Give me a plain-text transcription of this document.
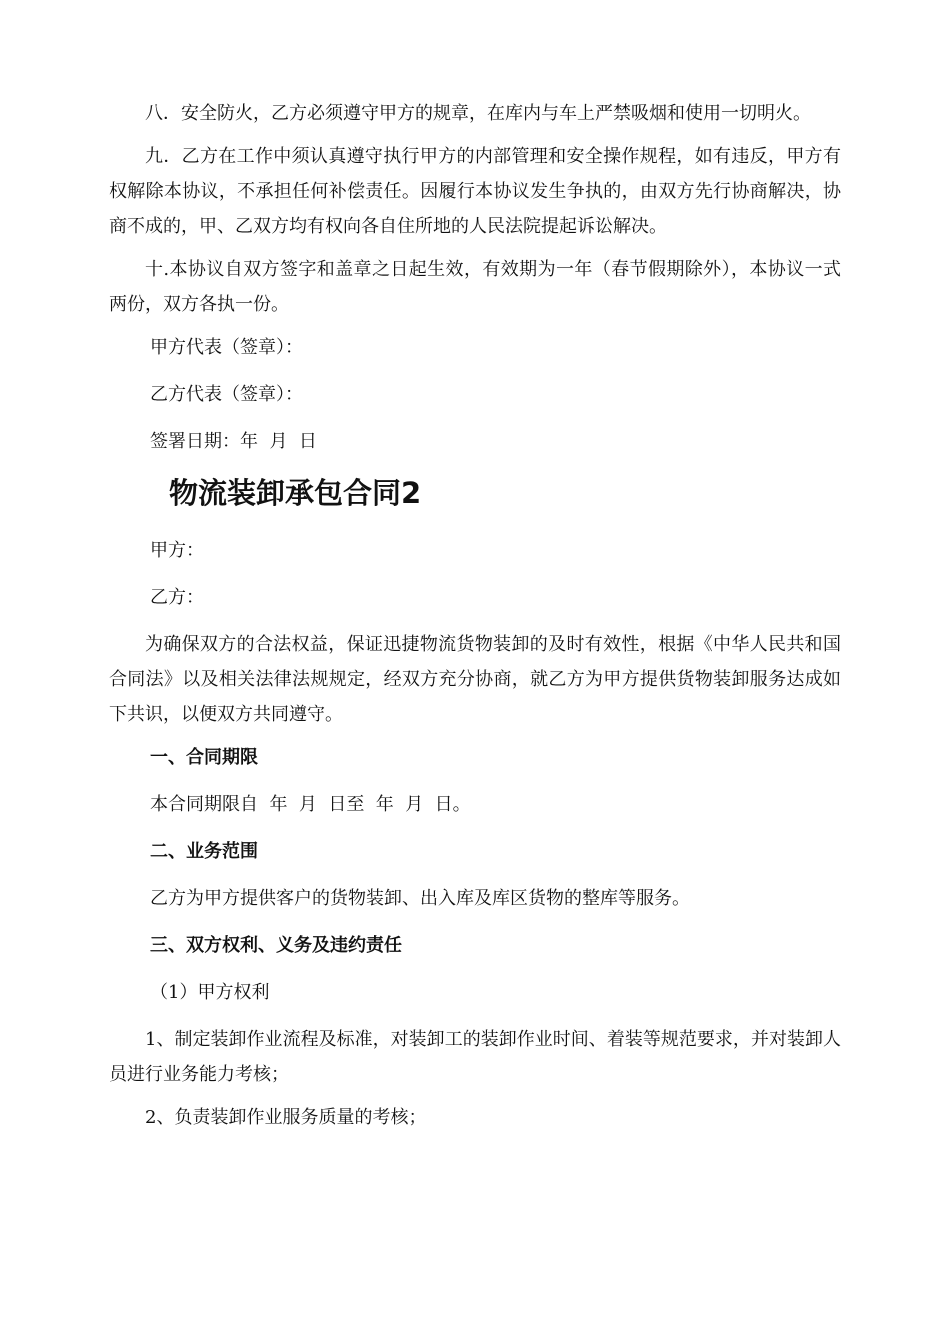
八．安全防火，乙方必须遵守甲方的规章，在库内与车上严禁吸烟和使用一切明火。

九．乙方在工作中须认真遵守执行甲方的内部管理和安全操作规程，如有违反，甲方有权解除本协议，不承担任何补偿责任。因履行本协议发生争执的，由双方先行协商解决，协商不成的，甲、乙双方均有权向各自住所地的人民法院提起诉讼解决。

十.本协议自双方签字和盖章之日起生效，有效期为一年（春节假期除外），本协议一式两份，双方各执一份。

甲方代表（签章）：

乙方代表（签章）：

签署日期：年  月  日

物流装卸承包合同2

甲方：

乙方：

为确保双方的合法权益，保证迅捷物流货物装卸的及时有效性，根据《中华人民共和国合同法》以及相关法律法规规定，经双方充分协商，就乙方为甲方提供货物装卸服务达成如下共识，以便双方共同遵守。

一、合同期限

本合同期限自  年  月  日至  年  月  日。

二、业务范围

乙方为甲方提供客户的货物装卸、出入库及库区货物的整库等服务。

三、双方权利、义务及违约责任

（1）甲方权利

1、制定装卸作业流程及标准，对装卸工的装卸作业时间、着装等规范要求，并对装卸人员进行业务能力考核；

2、负责装卸作业服务质量的考核；
